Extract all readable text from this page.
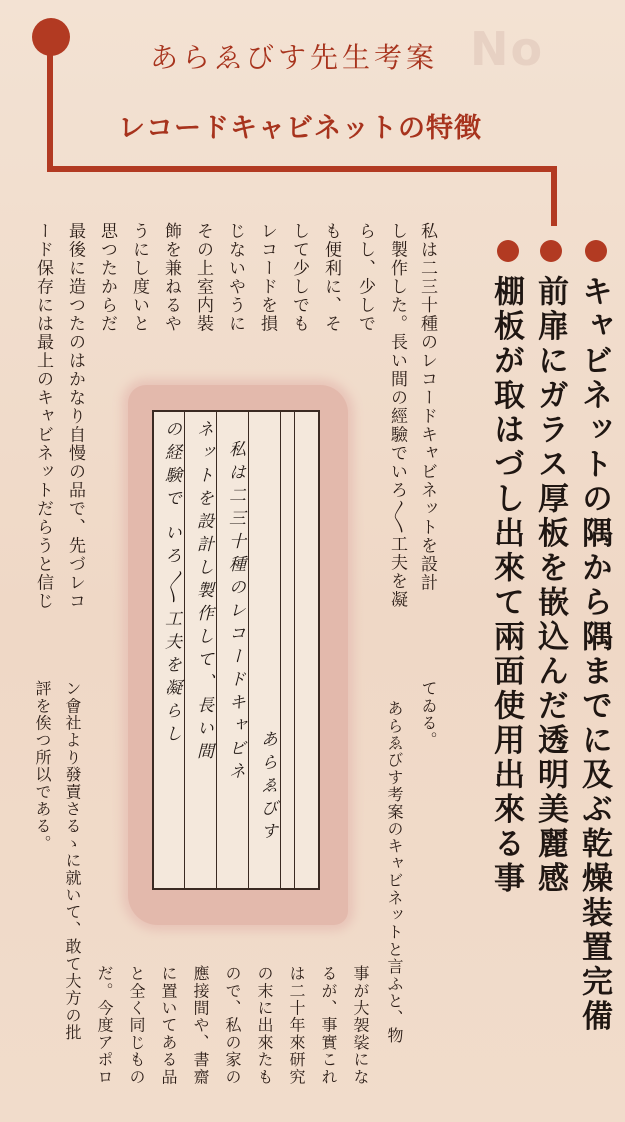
No
あらゑびす先生考案
レコードキャビネットの特徴
キャビネットの隅から隅までに及ぶ乾燥装置完備
前扉にガラス厚板を嵌込んだ透明美麗感
棚板が取はづし出來て兩面使用出來る事
私は二三十種のレコードキャビネットを設計
し製作した。長い間の經驗でいろ〳〵工夫を凝
らし、少しで
も便利に、そ
して少しでも
レコードを損
じないやうに
その上室内裝
飾を兼ねるや
うにし度いと
思つたからだ
最後に造つたのはかなり自慢の品で、先づレコ
ード保存には最上のキャビネットだらうと信じ
私は二三十種のレコードキャビネ
ネットを設計し製作して、長い間
の経験で いろ〳〵工夫を凝らし
あらゑびす
てゐる。
あらゑびす考案のキャビネットと言ふと、物
事が大袈裟にな
るが、事實これ
は二十年來研究
の末に出來たも
ので、私の家の
應接間や、書齋
に置いてある品
と全く同じもの
だ。今度アポロ
ン會社より發賣さるゝに就いて、敢て大方の批
評を俟つ所以である。
